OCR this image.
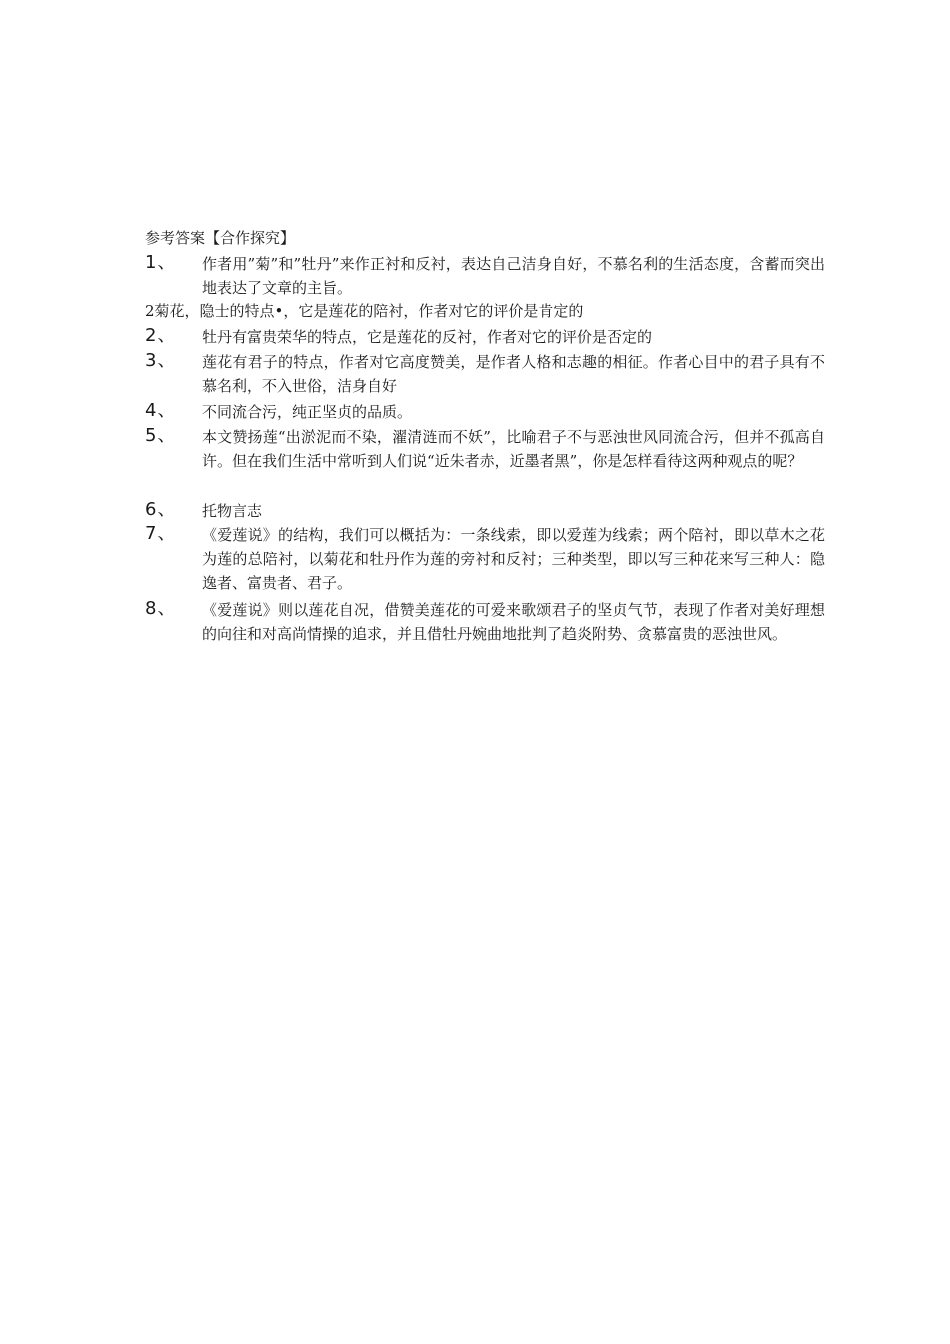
参考答案【合作探究】
1、 作者用”菊”和”牡丹”来作正衬和反衬，表达自己洁身自好，不慕名利的生活态度，含蓄而突出地表达了文章的主旨。
2菊花，隐士的特点•，它是莲花的陪衬，作者对它的评价是肯定的
2、 牡丹有富贵荣华的特点，它是莲花的反衬，作者对它的评价是否定的
3、 莲花有君子的特点，作者对它高度赞美，是作者人格和志趣的相征。作者心目中的君子具有不慕名利，不入世俗，洁身自好
4、 不同流合污，纯正坚贞的品质。
5、 本文赞扬莲“出淤泥而不染，濯清涟而不妖”，比喻君子不与恶浊世风同流合污，但并不孤高自许。但在我们生活中常听到人们说“近朱者赤，近墨者黑”，你是怎样看待这两种观点的呢？
6、 托物言志
7、 《爱莲说》的结构，我们可以概括为：一条线索，即以爱莲为线索；两个陪衬，即以草木之花为莲的总陪衬，以菊花和牡丹作为莲的旁衬和反衬；三种类型，即以写三种花来写三种人：隐逸者、富贵者、君子。
8、 《爱莲说》则以莲花自况，借赞美莲花的可爱来歌颂君子的坚贞气节，表现了作者对美好理想的向往和对高尚情操的追求，并且借牡丹婉曲地批判了趋炎附势、贪慕富贵的恶浊世风。
